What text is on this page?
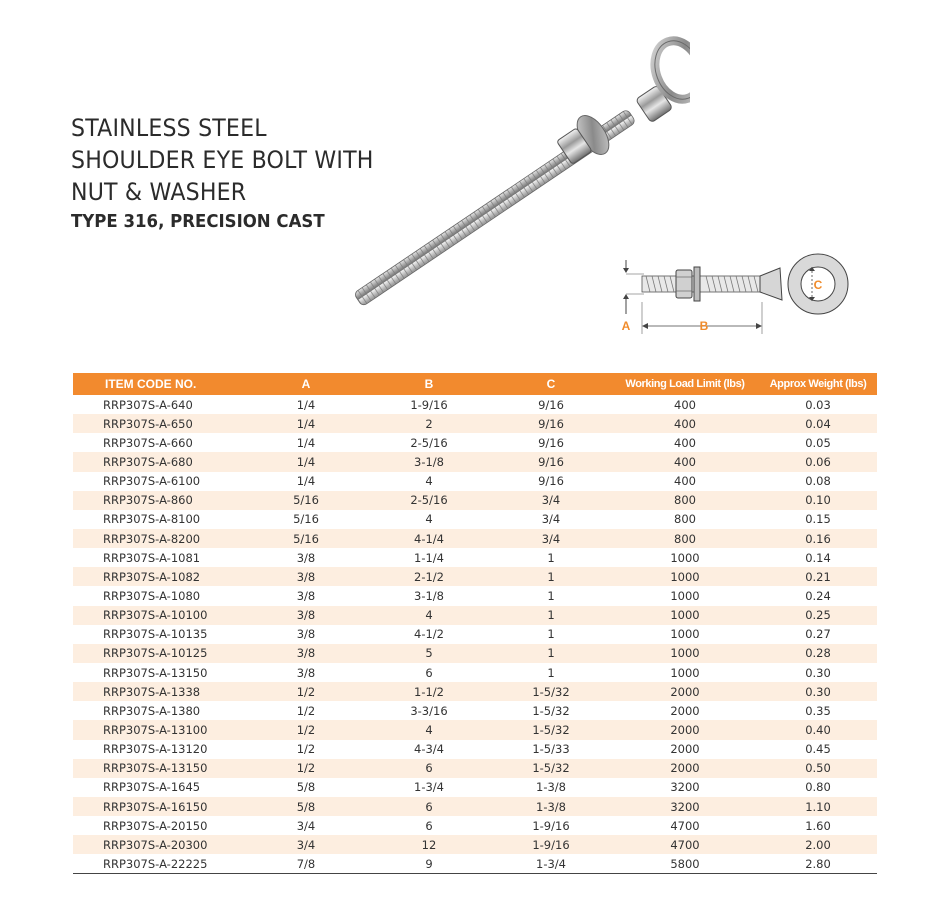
STAINLESS STEEL
SHOULDER EYE BOLT WITH
NUT & WASHER
TYPE 316, PRECISION CAST
A	B
C
ITEM CODE NO.	A	B	C	Working Load Limit (lbs)	Approx Weight (lbs)
RRP307S-A-640	1/4	1-9/16	9/16	400	0.03
RRP307S-A-650	1/4	2	9/16	400	0.04
RRP307S-A-660	1/4	2-5/16	9/16	400	0.05
RRP307S-A-680	1/4	3-1/8	9/16	400	0.06
RRP307S-A-6100	1/4	4	9/16	400	0.08
RRP307S-A-860	5/16	2-5/16	3/4	800	0.10
RRP307S-A-8100	5/16	4	3/4	800	0.15
RRP307S-A-8200	5/16	4-1/4	3/4	800	0.16
RRP307S-A-1081	3/8	1-1/4	1	1000	0.14
RRP307S-A-1082	3/8	2-1/2	1	1000	0.21
RRP307S-A-1080	3/8	3-1/8	1	1000	0.24
RRP307S-A-10100	3/8	4	1	1000	0.25
RRP307S-A-10135	3/8	4-1/2	1	1000	0.27
RRP307S-A-10125	3/8	5	1	1000	0.28
RRP307S-A-13150	3/8	6	1	1000	0.30
RRP307S-A-1338	1/2	1-1/2	1-5/32	2000	0.30
RRP307S-A-1380	1/2	3-3/16	1-5/32	2000	0.35
RRP307S-A-13100	1/2	4	1-5/32	2000	0.40
RRP307S-A-13120	1/2	4-3/4	1-5/33	2000	0.45
RRP307S-A-13150	1/2	6	1-5/32	2000	0.50
RRP307S-A-1645	5/8	1-3/4	1-3/8	3200	0.80
RRP307S-A-16150	5/8	6	1-3/8	3200	1.10
RRP307S-A-20150	3/4	6	1-9/16	4700	1.60
RRP307S-A-20300	3/4	12	1-9/16	4700	2.00
RRP307S-A-22225	7/8	9	1-3/4	5800	2.80
